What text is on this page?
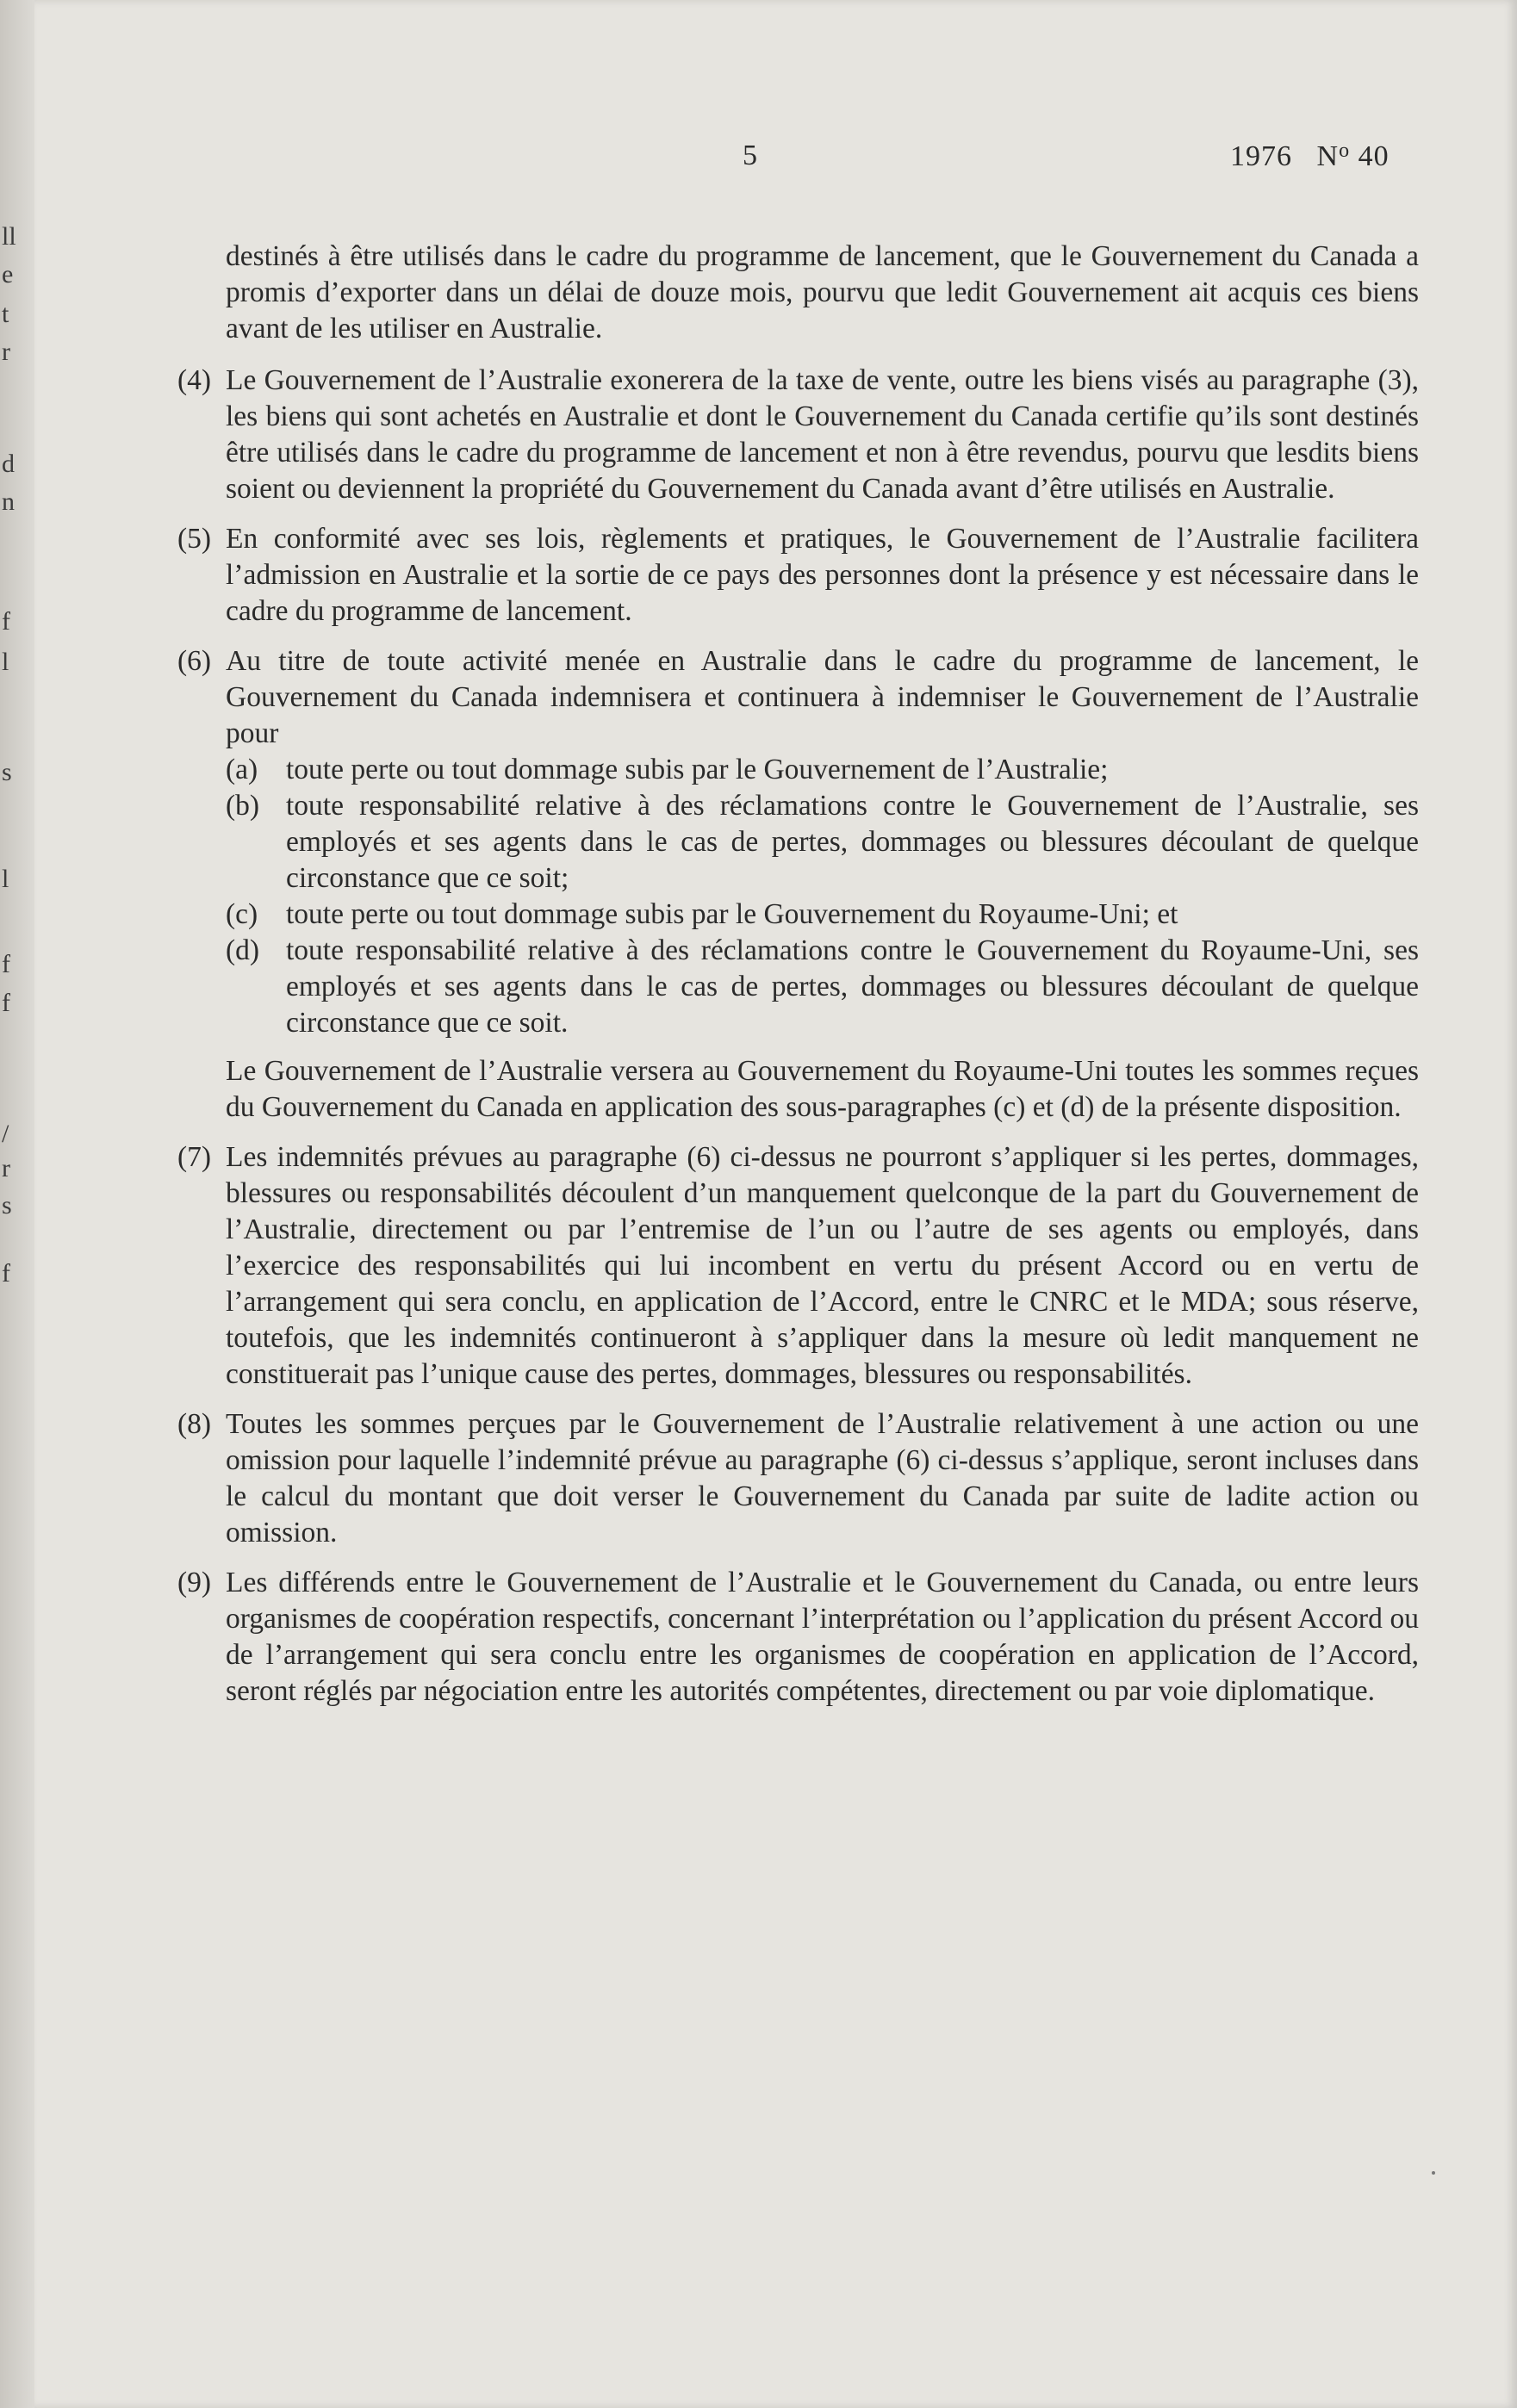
ll
e
t
r
d
n
f
l
s
l
f
f
/
r
s
f
5	1976 $N^o$ 40
destinés à être utilisés dans le cadre du programme de lancement, que le Gouvernement du Canada a promis d’exporter dans un délai de douze mois, pourvu que ledit Gouvernement ait acquis ces biens avant de les utiliser en Australie.
(4) Le Gouvernement de l’Australie exonerera de la taxe de vente, outre les biens visés au paragraphe (3), les biens qui sont achetés en Australie et dont le Gouvernement du Canada certifie qu’ils sont destinés être utilisés dans le cadre du programme de lancement et non à être revendus, pourvu que lesdits biens soient ou deviennent la propriété du Gouvernement du Canada avant d’être utilisés en Australie.
(5) En conformité avec ses lois, règlements et pratiques, le Gouvernement de l’Australie facilitera l’admission en Australie et la sortie de ce pays des personnes dont la présence y est nécessaire dans le cadre du programme de lancement.
(6) Au titre de toute activité menée en Australie dans le cadre du programme de lancement, le Gouvernement du Canada indemnisera et continuera à indemniser le Gouvernement de l’Australie pour
(a) toute perte ou tout dommage subis par le Gouvernement de l’Australie;
(b) toute responsabilité relative à des réclamations contre le Gouvernement de l’Australie, ses employés et ses agents dans le cas de pertes, dommages ou blessures découlant de quelque circonstance que ce soit;
(c) toute perte ou tout dommage subis par le Gouvernement du Royaume-Uni; et
(d) toute responsabilité relative à des réclamations contre le Gouvernement du Royaume-Uni, ses employés et ses agents dans le cas de pertes, dommages ou blessures découlant de quelque circonstance que ce soit.
Le Gouvernement de l’Australie versera au Gouvernement du Royaume-Uni toutes les sommes reçues du Gouvernement du Canada en application des sous-paragraphes (c) et (d) de la présente disposition.
(7) Les indemnités prévues au paragraphe (6) ci-dessus ne pourront s’appliquer si les pertes, dommages, blessures ou responsabilités découlent d’un manquement quelconque de la part du Gouvernement de l’Australie, directement ou par l’entremise de l’un ou l’autre de ses agents ou employés, dans l’exercice des responsabilités qui lui incombent en vertu du présent Accord ou en vertu de l’arrangement qui sera conclu, en application de l’Accord, entre le CNRC et le MDA; sous réserve, toutefois, que les indemnités continueront à s’appliquer dans la mesure où ledit manquement ne constituerait pas l’unique cause des pertes, dommages, blessures ou responsabilités.
(8) Toutes les sommes perçues par le Gouvernement de l’Australie relativement à une action ou une omission pour laquelle l’indemnité prévue au paragraphe (6) ci-dessus s’applique, seront incluses dans le calcul du montant que doit verser le Gouvernement du Canada par suite de ladite action ou omission.
(9) Les différends entre le Gouvernement de l’Australie et le Gouvernement du Canada, ou entre leurs organismes de coopération respectifs, concernant l’interprétation ou l’application du présent Accord ou de l’arrangement qui sera conclu entre les organismes de coopération en application de l’Accord, seront réglés par négociation entre les autorités compétentes, directement ou par voie diplomatique.
